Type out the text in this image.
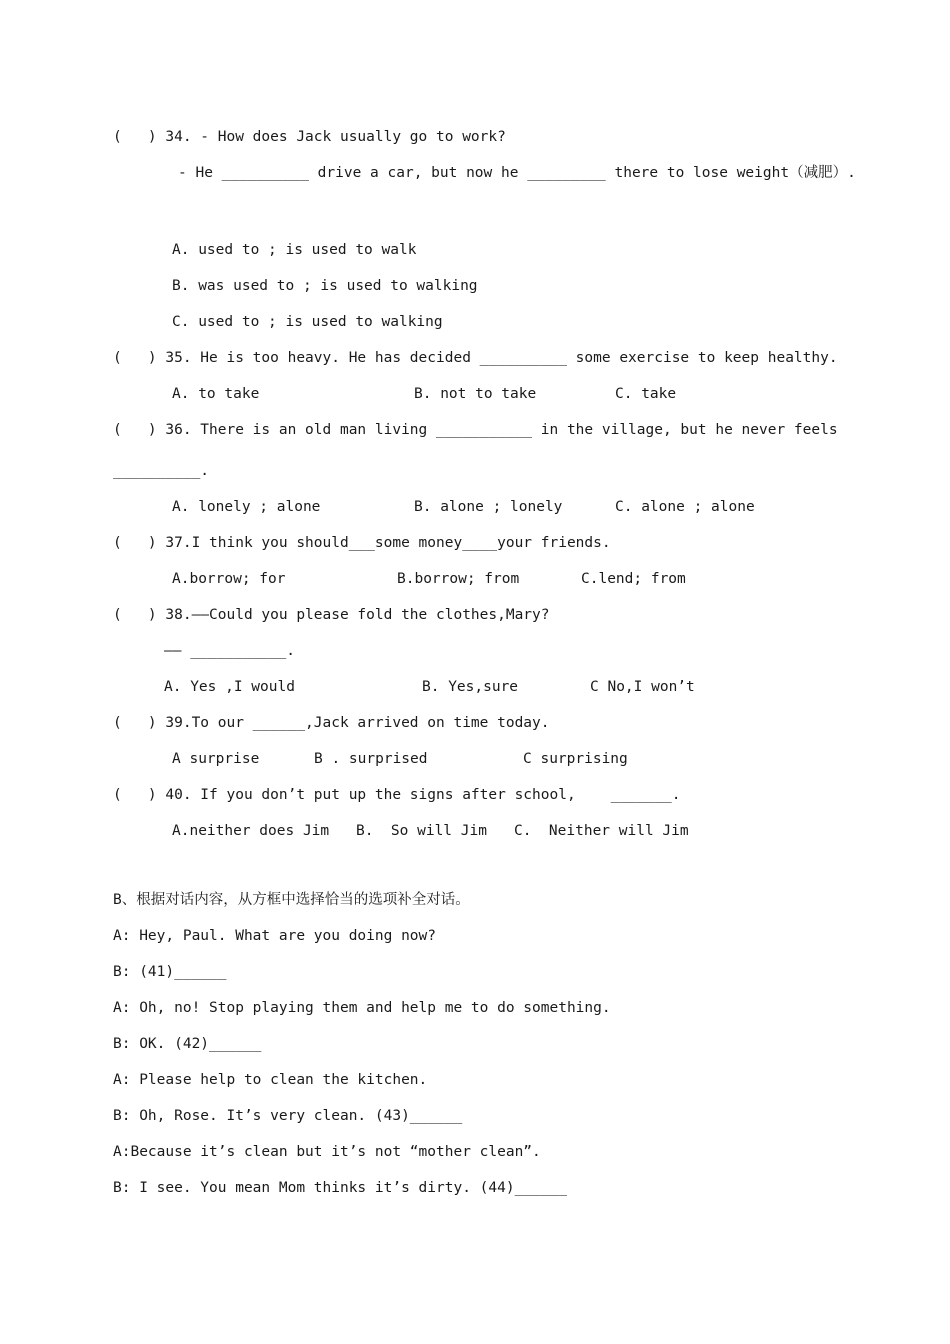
(   ) 34. - How does Jack usually go to work?
- He __________ drive a car, but now he _________ there to lose weight（减肥）.
A. used to ; is used to walk
B. was used to ; is used to walking
C. used to ; is used to walking
(   ) 35. He is too heavy. He has decided __________ some exercise to keep healthy.
A. to take	B. not to take	C. take
(   ) 36. There is an old man living ___________ in the village, but he never feels
__________.
A. lonely ; alone	B. alone ; lonely	C. alone ; alone
(   ) 37.I think you should___some money____your friends.
A.borrow; for	B.borrow; from	C.lend; from
(   ) 38.——Could you please fold the clothes,Mary?
—— ___________.
A. Yes ,I would	B. Yes,sure	C No,I won’t
(   ) 39.To our ______,Jack arrived on time today.
A surprise	B . surprised	C surprising
(   ) 40. If you don’t put up the signs after school,    _______.
A.neither does Jim B.  So will Jim C.  Neither will Jim
B、根据对话内容，从方框中选择恰当的选项补全对话。
A: Hey, Paul. What are you doing now?
B: (41)______
A: Oh, no! Stop playing them and help me to do something.
B: OK. (42)______
A: Please help to clean the kitchen.
B: Oh, Rose. It’s very clean. (43)______
A:Because it’s clean but it’s not “mother clean”.
B: I see. You mean Mom thinks it’s dirty. (44)______
